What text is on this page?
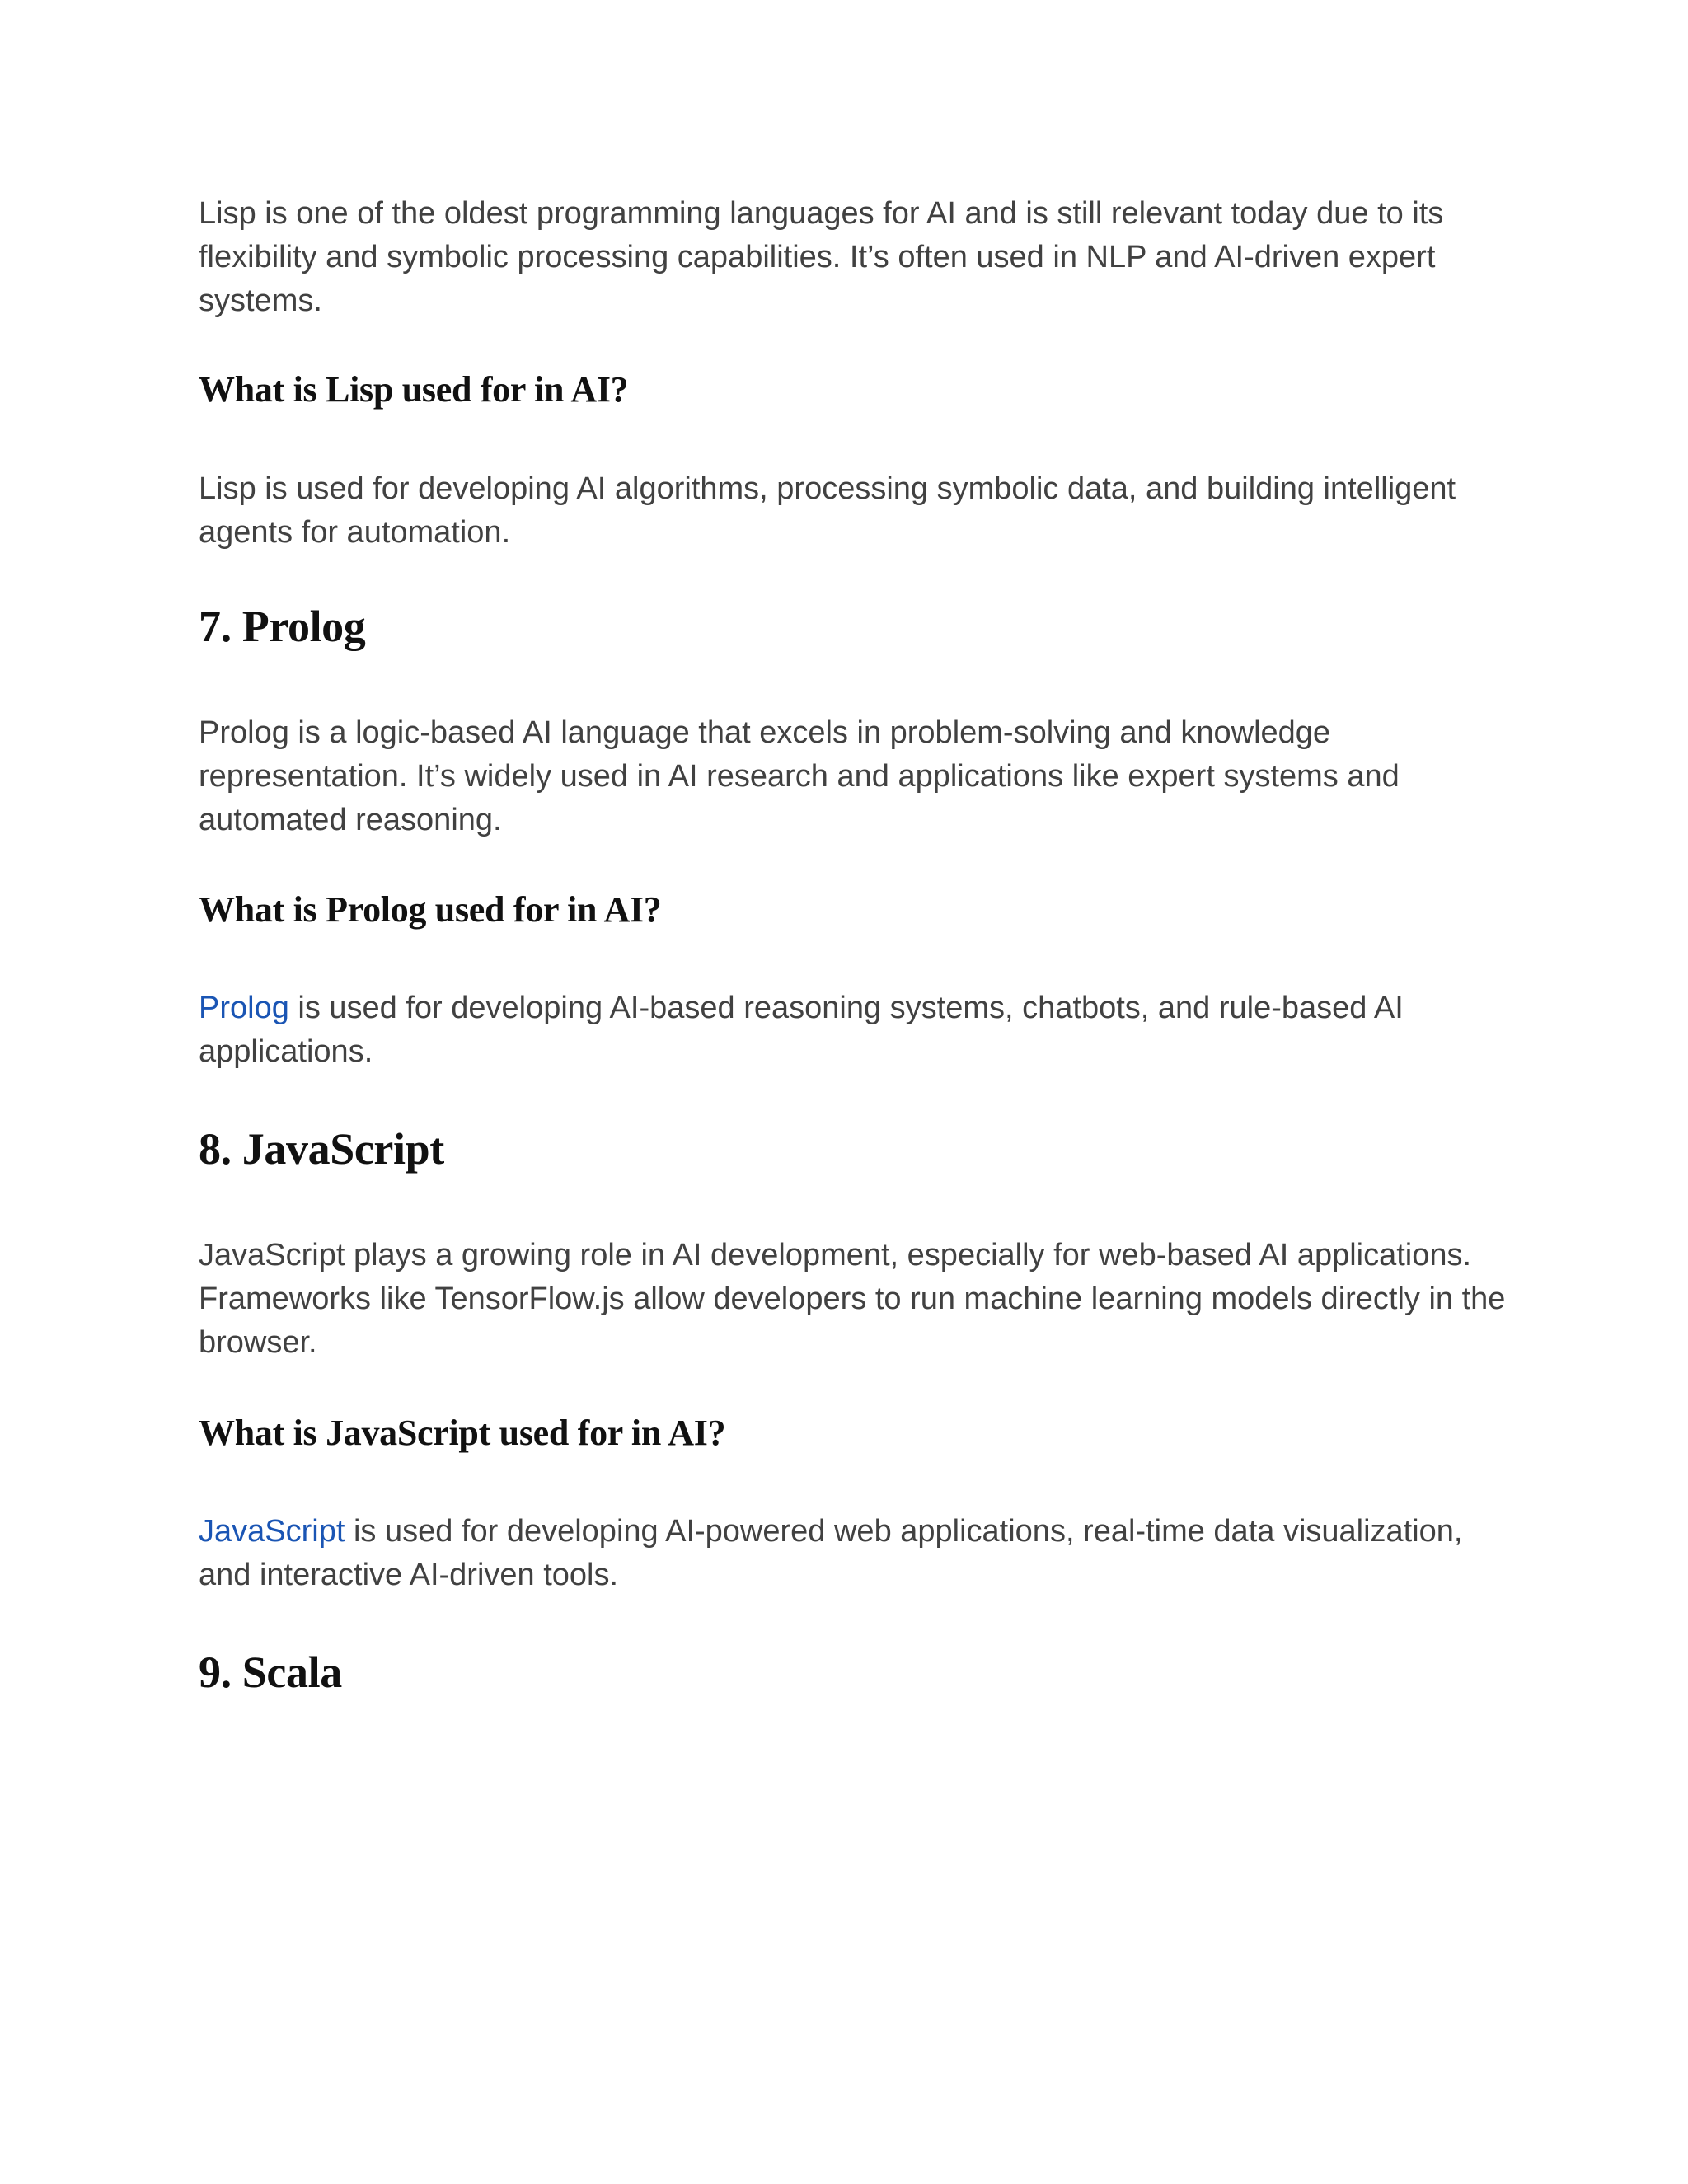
Lisp is one of the oldest programming languages for AI and is still relevant today due to its flexibility and symbolic processing capabilities. It’s often used in NLP and AI-driven expert systems.

What is Lisp used for in AI?

Lisp is used for developing AI algorithms, processing symbolic data, and building intelligent agents for automation.

7. Prolog

Prolog is a logic-based AI language that excels in problem-solving and knowledge representation. It’s widely used in AI research and applications like expert systems and automated reasoning.

What is Prolog used for in AI?

Prolog is used for developing AI-based reasoning systems, chatbots, and rule-based AI applications.

8. JavaScript

JavaScript plays a growing role in AI development, especially for web-based AI applications. Frameworks like TensorFlow.js allow developers to run machine learning models directly in the browser.

What is JavaScript used for in AI?

JavaScript is used for developing AI-powered web applications, real-time data visualization, and interactive AI-driven tools.

9. Scala
